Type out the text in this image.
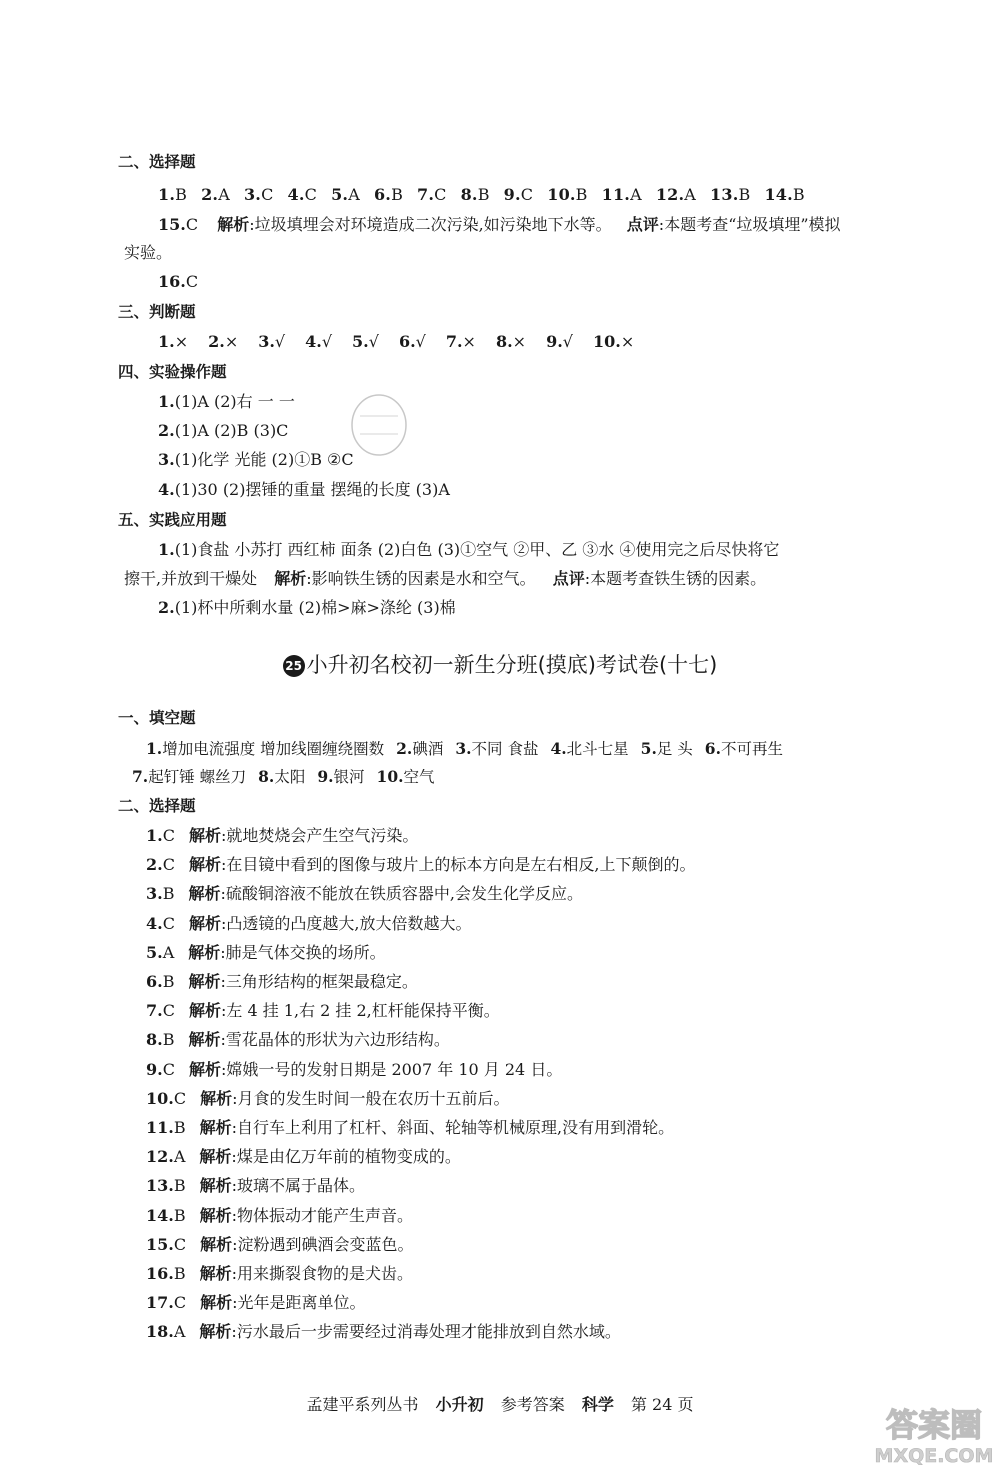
二、选择题
1.B 2.A 3.C 4.C 5.A 6.B 7.C 8.B 9.C 10.B 11.A 12.A 13.B 14.B
15.C 解析:垃圾填埋会对环境造成二次污染,如污染地下水等。 点评:本题考查“垃圾填埋”模拟
实验。
16.C
三、判断题
1.× 2.× 3.√ 4.√ 5.√ 6.√ 7.× 8.× 9.√ 10.×
四、实验操作题
1.(1)A (2)右 一 一
2.(1)A (2)B (3)C
3.(1)化学 光能 (2)①B ②C
4.(1)30 (2)摆锤的重量 摆绳的长度 (3)A
五、实践应用题
1.(1)食盐 小苏打 西红柿 面条 (2)白色 (3)①空气 ②甲、乙 ③水 ④使用完之后尽快将它
擦干,并放到干燥处 解析:影响铁生锈的因素是水和空气。 点评:本题考查铁生锈的因素。
2.(1)杯中所剩水量 (2)棉>麻>涤纶 (3)棉
25 小升初名校初一新生分班(摸底)考试卷(十七)
一、填空题
1.增加电流强度 增加线圈缠绕圈数 2.碘酒 3.不同 食盐 4.北斗七星 5.足 头 6.不可再生
7.起钉锤 螺丝刀 8.太阳 9.银河 10.空气
二、选择题
1.C 解析:就地焚烧会产生空气污染。
2.C 解析:在目镜中看到的图像与玻片上的标本方向是左右相反,上下颠倒的。
3.B 解析:硫酸铜溶液不能放在铁质容器中,会发生化学反应。
4.C 解析:凸透镜的凸度越大,放大倍数越大。
5.A 解析:肺是气体交换的场所。
6.B 解析:三角形结构的框架最稳定。
7.C 解析:左 4 挂 1,右 2 挂 2,杠杆能保持平衡。
8.B 解析:雪花晶体的形状为六边形结构。
9.C 解析:嫦娥一号的发射日期是 2007 年 10 月 24 日。
10.C 解析:月食的发生时间一般在农历十五前后。
11.B 解析:自行车上利用了杠杆、斜面、轮轴等机械原理,没有用到滑轮。
12.A 解析:煤是由亿万年前的植物变成的。
13.B 解析:玻璃不属于晶体。
14.B 解析:物体振动才能产生声音。
15.C 解析:淀粉遇到碘酒会变蓝色。
16.B 解析:用来撕裂食物的是犬齿。
17.C 解析:光年是距离单位。
18.A 解析:污水最后一步需要经过消毒处理才能排放到自然水域。
孟建平系列丛书 小升初 参考答案 科学 第 24 页
答案圈
MXQE.COM
